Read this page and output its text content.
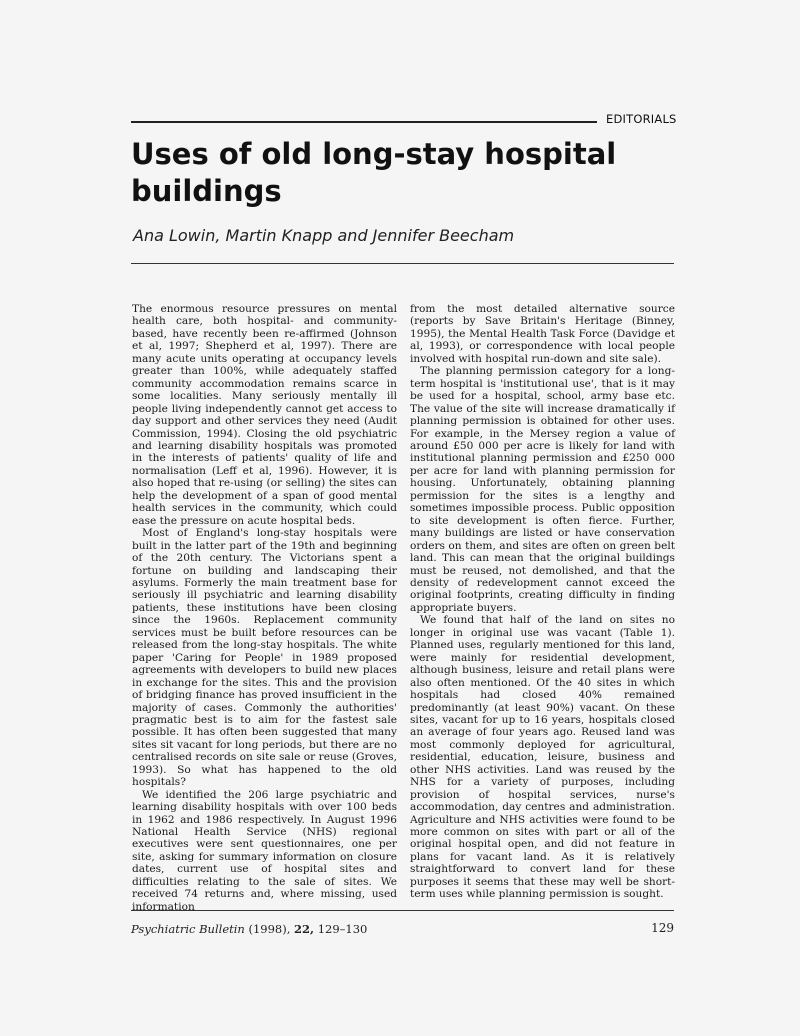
EDITORIALS
Uses of old long-stay hospital buildings
Ana Lowin, Martin Knapp and Jennifer Beecham

The enormous resource pressures on mental health care, both hospital- and community-based, have recently been re-affirmed (Johnson et al, 1997; Shepherd et al, 1997). There are many acute units operating at occupancy levels greater than 100%, while adequately staffed community accommodation remains scarce in some localities. Many seriously mentally ill people living independently cannot get access to day support and other services they need (Audit Commission, 1994). Closing the old psychiatric and learning disability hospitals was promoted in the interests of patients' quality of life and normalisation (Leff et al, 1996). However, it is also hoped that re-using (or selling) the sites can help the development of a span of good mental health services in the community, which could ease the pressure on acute hospital beds.

Most of England's long-stay hospitals were built in the latter part of the 19th and beginning of the 20th century. The Victorians spent a fortune on building and landscaping their asylums. Formerly the main treatment base for seriously ill psychiatric and learning disability patients, these institutions have been closing since the 1960s. Replacement community services must be built before resources can be released from the long-stay hospitals. The white paper 'Caring for People' in 1989 proposed agreements with developers to build new places in exchange for the sites. This and the provision of bridging finance has proved insufficient in the majority of cases. Commonly the authorities' pragmatic best is to aim for the fastest sale possible. It has often been suggested that many sites sit vacant for long periods, but there are no centralised records on site sale or reuse (Groves, 1993). So what has happened to the old hospitals?

We identified the 206 large psychiatric and learning disability hospitals with over 100 beds in 1962 and 1986 respectively. In August 1996 National Health Service (NHS) regional executives were sent questionnaires, one per site, asking for summary information on closure dates, current use of hospital sites and difficulties relating to the sale of sites. We received 74 returns and, where missing, used information

from the most detailed alternative source (reports by Save Britain's Heritage (Binney, 1995), the Mental Health Task Force (Davidge et al, 1993), or correspondence with local people involved with hospital run-down and site sale).

The planning permission category for a long-term hospital is 'institutional use', that is it may be used for a hospital, school, army base etc. The value of the site will increase dramatically if planning permission is obtained for other uses. For example, in the Mersey region a value of around £50 000 per acre is likely for land with institutional planning permission and £250 000 per acre for land with planning permission for housing. Unfortunately, obtaining planning permission for the sites is a lengthy and sometimes impossible process. Public opposition to site development is often fierce. Further, many buildings are listed or have conservation orders on them, and sites are often on green belt land. This can mean that the original buildings must be reused, not demolished, and that the density of redevelopment cannot exceed the original footprints, creating difficulty in finding appropriate buyers.

We found that half of the land on sites no longer in original use was vacant (Table 1). Planned uses, regularly mentioned for this land, were mainly for residential development, although business, leisure and retail plans were also often mentioned. Of the 40 sites in which hospitals had closed 40% remained predominantly (at least 90%) vacant. On these sites, vacant for up to 16 years, hospitals closed an average of four years ago. Reused land was most commonly deployed for agricultural, residential, education, leisure, business and other NHS activities. Land was reused by the NHS for a variety of purposes, including provision of hospital services, nurse's accommodation, day centres and administration. Agriculture and NHS activities were found to be more common on sites with part or all of the original hospital open, and did not feature in plans for vacant land. As it is relatively straightforward to convert land for these purposes it seems that these may well be short-term uses while planning permission is sought.

Psychiatric Bulletin (1998), 22, 129–130	129
